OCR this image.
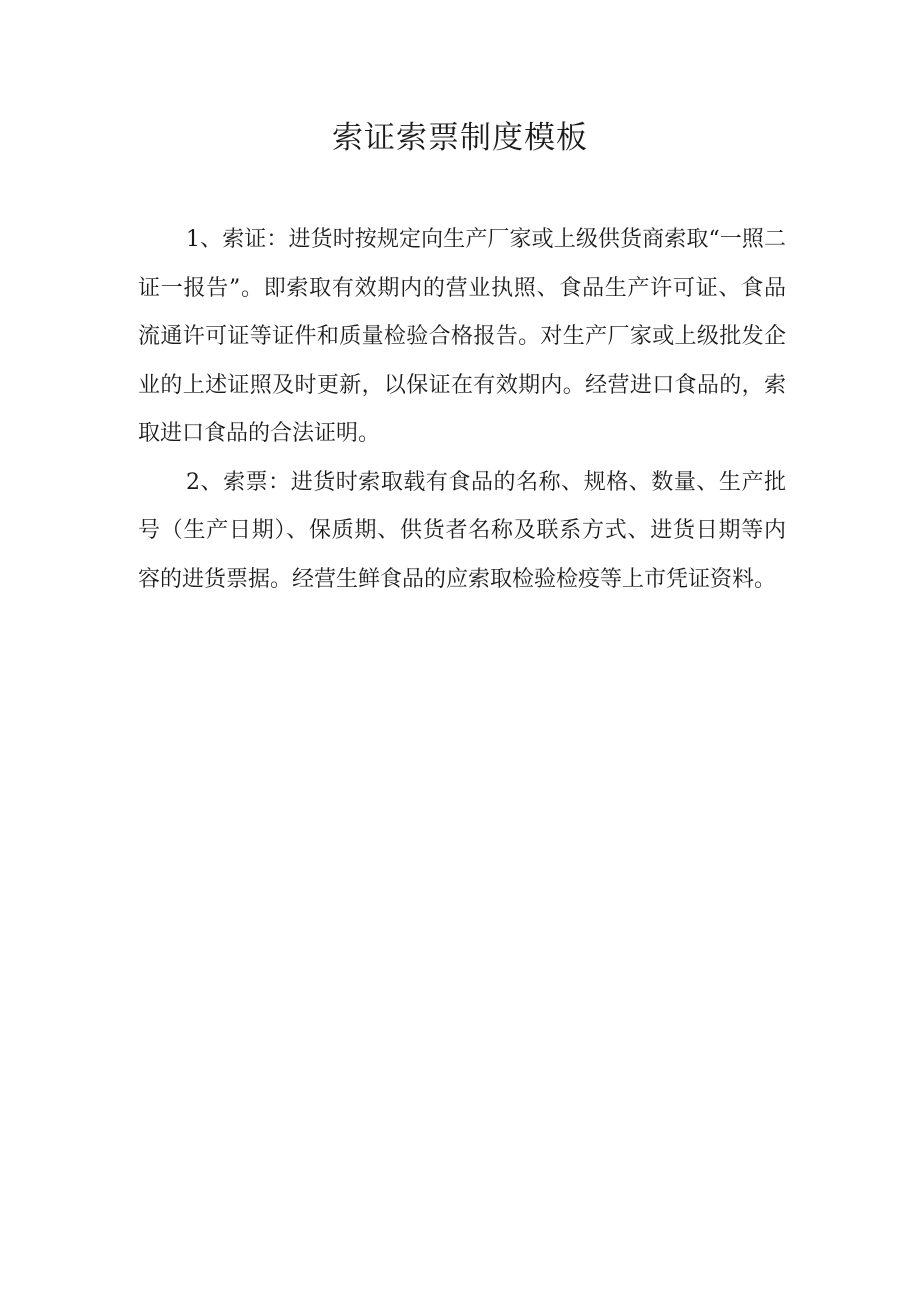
索证索票制度模板

1、索证：进货时按规定向生产厂家或上级供货商索取“一照二证一报告”。即索取有效期内的营业执照、食品生产许可证、食品流通许可证等证件和质量检验合格报告。对生产厂家或上级批发企业的上述证照及时更新，以保证在有效期内。经营进口食品的，索取进口食品的合法证明。

2、索票：进货时索取载有食品的名称、规格、数量、生产批号（生产日期）、保质期、供货者名称及联系方式、进货日期等内容的进货票据。经营生鲜食品的应索取检验检疫等上市凭证资料。
